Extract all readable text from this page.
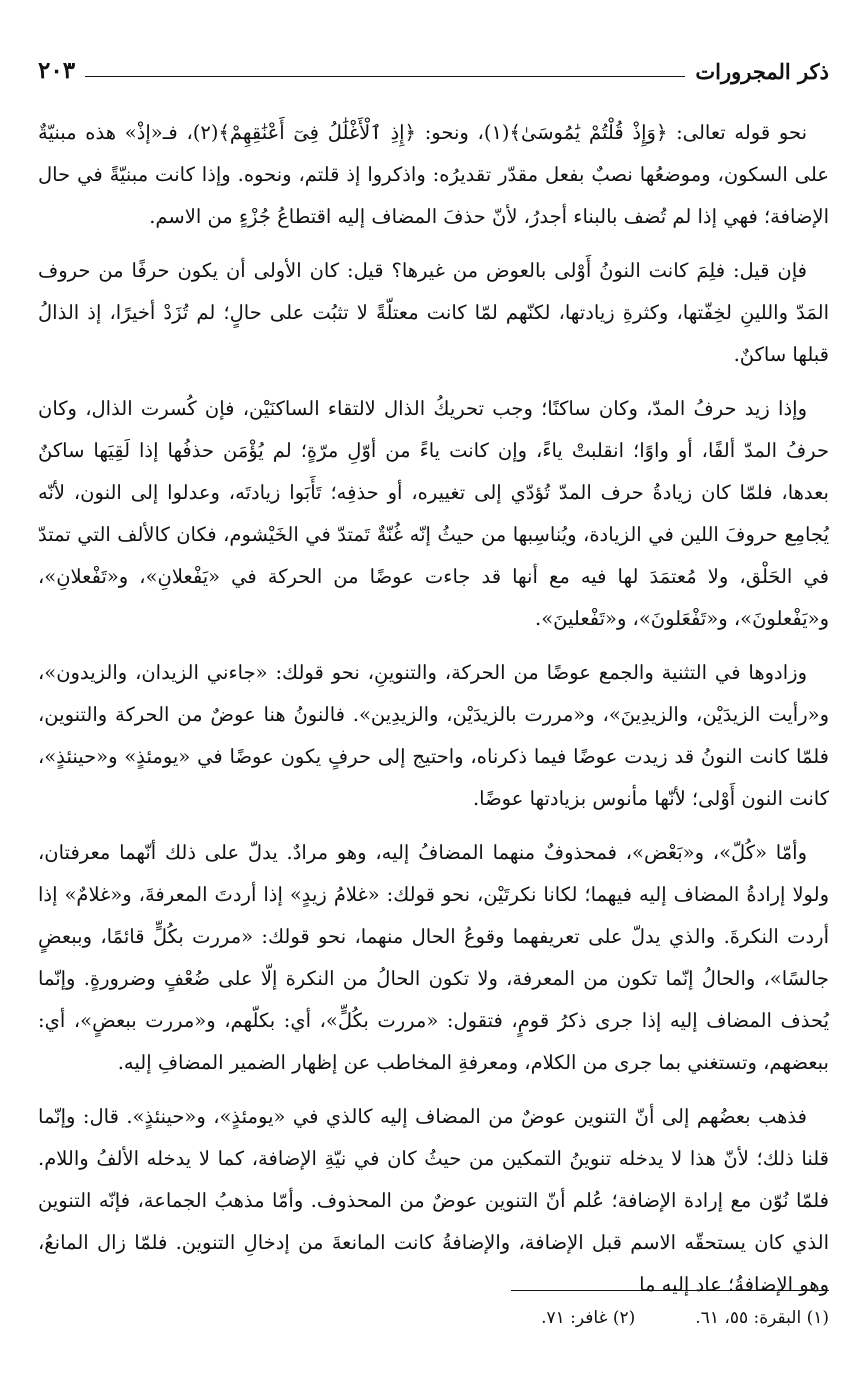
ذكر المجرورات
٢٠٣

نحو قوله تعالى: ﴿وَإِذْ قُلْتُمْ يَٰمُوسَىٰ﴾(١)، ونحو: ﴿إِذِ ٱلْأَغْلَٰلُ فِىٓ أَعْنَٰقِهِمْ﴾(٢)، فـ«إذْ» هذه مبنيّةٌ على السكون، وموضعُها نصبٌ بفعل مقدّر تقديرُه: واذكروا إذ قلتم، ونحوه. وإذا كانت مبنيّةً في حال الإضافة؛ فهي إذا لم تُضف بالبناء أجدرُ، لأنّ حذفَ المضاف إليه اقتطاعُ جُزْءٍ من الاسم.

فإن قيل: فلِمَ كانت النونُ أَوْلى بالعوض من غيرها؟ قيل: كان الأولى أن يكون حرفًا من حروف المَدّ واللينِ لخِفّتها، وكثرةِ زيادتها، لكنّهم لمّا كانت معتلّةً لا تثبُت على حالٍ؛ لم تُزَدْ أخيرًا، إذ الذالُ قبلها ساكنٌ.

وإذا زيد حرفُ المدّ، وكان ساكنًا؛ وجب تحريكُ الذال لالتقاء الساكنَيْن، فإن كُسرت الذال، وكان حرفُ المدّ ألفًا، أو واوًا؛ انقلبتْ ياءً، وإن كانت ياءً من أوّلِ مرّةٍ؛ لم يُؤْمَن حذفُها إذا لَقِيَها ساكنٌ بعدها، فلمّا كان زيادةُ حرف المدّ تُؤدّي إلى تغييره، أو حذفِه؛ تَأَبَوا زيادتَه، وعدلوا إلى النون، لأنّه يُجامِع حروفَ اللين في الزيادة، ويُناسِبها من حيثُ إنّه غُنّةٌ تَمتدّ في الخَيْشوم، فكان كالألف التي تمتدّ في الحَلْق، ولا مُعتمَدَ لها فيه مع أنها قد جاءت عوضًا من الحركة في «يَفْعلانِ»، و«تَفْعلانِ»، و«يَفْعلونَ»، و«تَفْعَلونَ»، و«تَفْعلينَ».

وزادوها في التثنية والجمع عوضًا من الحركة، والتنوينِ، نحو قولك: «جاءني الزيدان، والزيدون»، و«رأيت الزيدَيْن، والزيدِينَ»، و«مررت بالزيدَيْن، والزيدِين». فالنونُ هنا عوضٌ من الحركة والتنوين، فلمّا كانت النونُ قد زيدت عوضًا فيما ذكرناه، واحتيج إلى حرفٍ يكون عوضًا في «يومئذٍ» و«حينئذٍ»، كانت النون أَوْلى؛ لأنّها مأنوس بزيادتها عوضًا.

وأمّا «كُلّ»، و«بَعْض»، فمحذوفٌ منهما المضافُ إليه، وهو مرادٌ. يدلّ على ذلك أنّهما معرفتان، ولولا إرادةُ المضاف إليه فيهما؛ لكانا نكرتَيْن، نحو قولك: «غلامُ زيدٍ» إذا أردتَ المعرفةَ، و«غلامٌ» إذا أردت النكرةَ. والذي يدلّ على تعريفهما وقوعُ الحال منهما، نحو قولك: «مررت بكُلٍّ قائمًا، وببعضٍ جالسًا»، والحالُ إنّما تكون من المعرفة، ولا تكون الحالُ من النكرة إلّا على ضُعْفٍ وضرورةٍ. وإنّما يُحذف المضاف إليه إذا جرى ذكرُ قومٍ، فتقول: «مررت بكُلٍّ»، أي: بكلّهم، و«مررت ببعضٍ»، أي: ببعضهم، وتستغني بما جرى من الكلام، ومعرفةِ المخاطب عن إظهار الضمير المضافِ إليه.

فذهب بعضُهم إلى أنّ التنوين عوضٌ من المضاف إليه كالذي في «يومئذٍ»، و«حينئذٍ». قال: وإنّما قلنا ذلك؛ لأنّ هذا لا يدخله تنوينُ التمكين من حيثُ كان في نيّةِ الإضافة، كما لا يدخله الألفُ واللام. فلمّا نُوّن مع إرادة الإضافة؛ عُلم أنّ التنوين عوضٌ من المحذوف. وأمّا مذهبُ الجماعة، فإنّه التنوين الذي كان يستحقّه الاسم قبل الإضافة، والإضافةُ كانت المانعةَ من إدخالِ التنوين. فلمّا زال المانعُ، وهو الإضافةُ؛ عاد إليه ما

(١) البقرة: ٥٥، ٦١.
(٢) غافر: ٧١.
